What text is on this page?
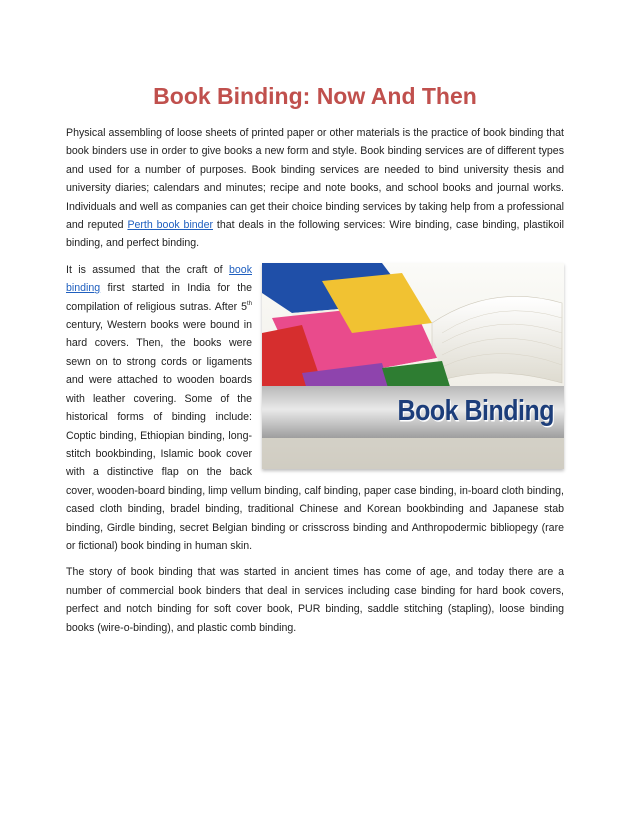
Book Binding: Now And Then

Physical assembling of loose sheets of printed paper or other materials is the practice of book binding that book binders use in order to give books a new form and style. Book binding services are of different types and used for a number of purposes. Book binding services are needed to bind university thesis and university diaries; calendars and minutes; recipe and note books, and school books and journal works. Individuals and well as companies can get their choice binding services by taking help from a professional and reputed Perth book binder that deals in the following services: Wire binding, case binding, plastikoil binding, and perfect binding.

Book Binding

It is assumed that the craft of book binding first started in India for the compilation of religious sutras. After 5th century, Western books were bound in hard covers. Then, the books were sewn on to strong cords or ligaments and were attached to wooden boards with leather covering. Some of the historical forms of binding include: Coptic binding, Ethiopian binding, long-stitch bookbinding, Islamic book cover with a distinctive flap on the back cover, wooden-board binding, limp vellum binding, calf binding, paper case binding, in-board cloth binding, cased cloth binding, bradel binding, traditional Chinese and Korean bookbinding and Japanese stab binding, Girdle binding, secret Belgian binding or crisscross binding and Anthropodermic bibliopegy (rare or fictional) book binding in human skin.

The story of book binding that was started in ancient times has come of age, and today there are a number of commercial book binders that deal in services including case binding for hard book covers, perfect and notch binding for soft cover book, PUR binding, saddle stitching (stapling), loose binding books (wire-o-binding), and plastic comb binding.
